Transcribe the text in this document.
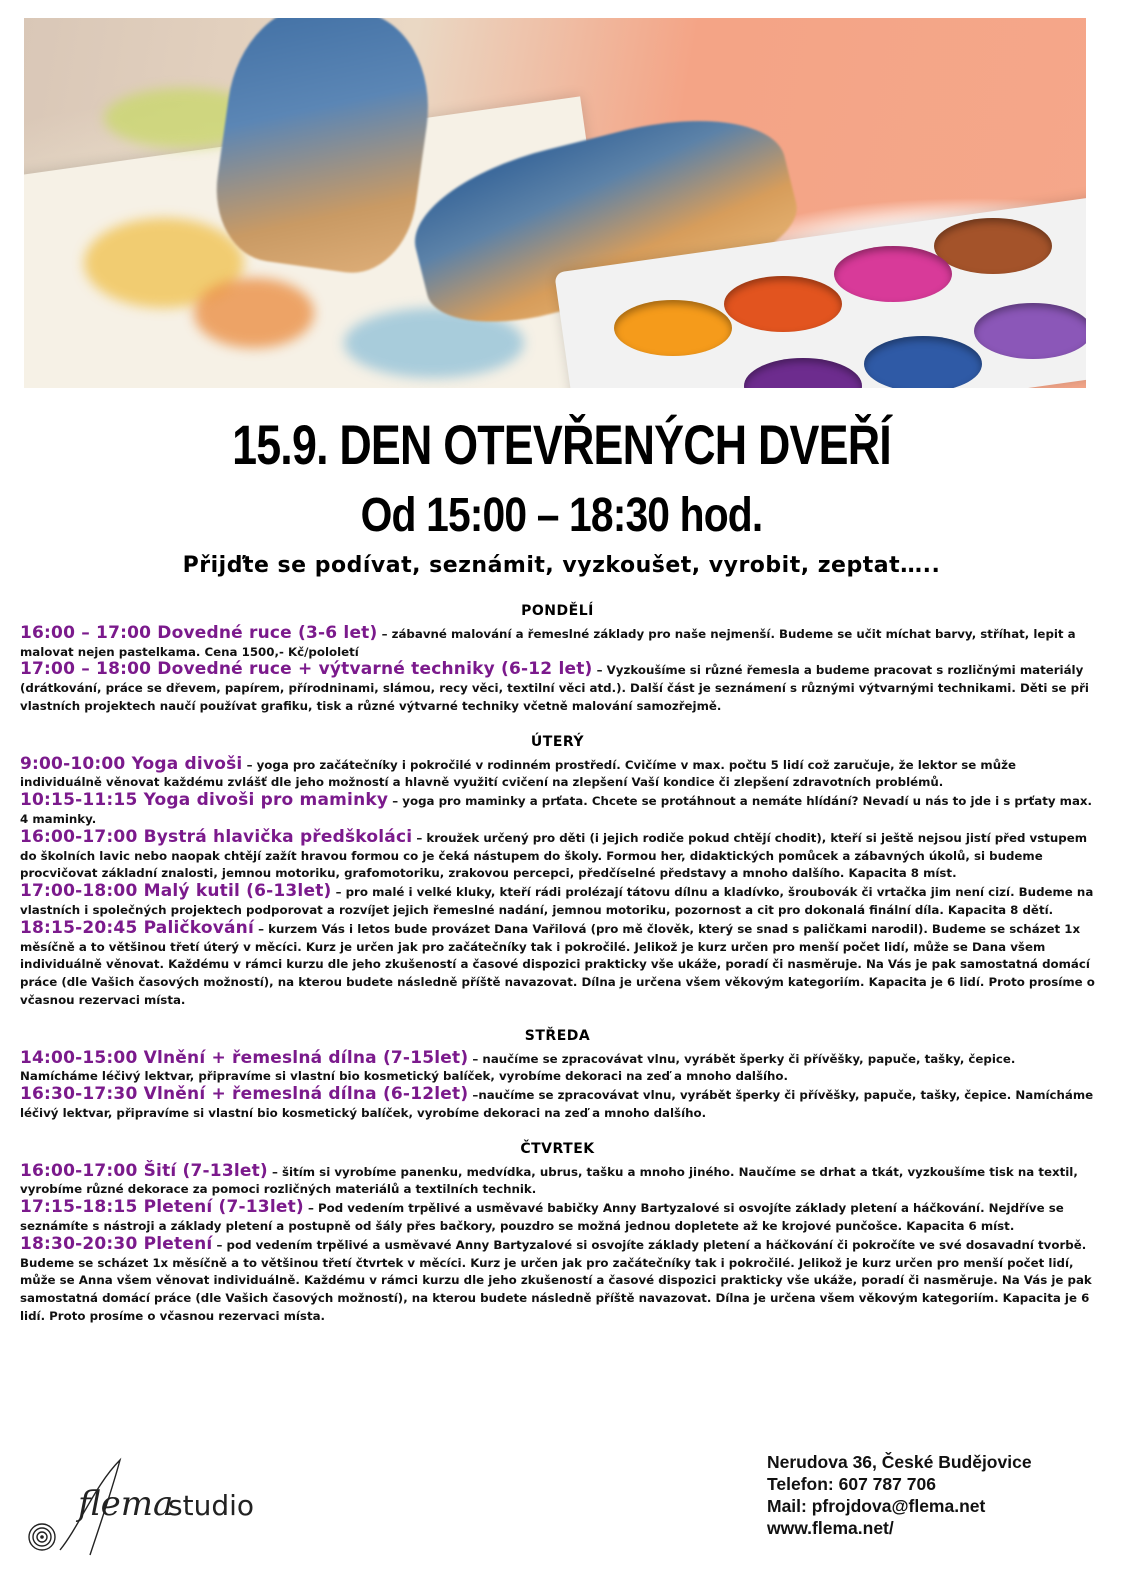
15.9. DEN OTEVŘENÝCH DVEŘÍ
Od 15:00 – 18:30 hod.
Přijďte se podívat, seznámit, vyzkoušet, vyrobit, zeptat…..
PONDĚLÍ

16:00 – 17:00 Dovedné ruce (3-6 let) – zábavné malování a řemeslné základy pro naše nejmenší. Budeme se učit míchat barvy, stříhat, lepit a malovat nejen pastelkama. Cena 1500,- Kč/pololetí

17:00 – 18:00 Dovedné ruce + výtvarné techniky (6-12 let) – Vyzkoušíme si různé řemesla a budeme pracovat s rozličnými materiály (drátkování, práce se dřevem, papírem, přírodninami, slámou, recy věci, textilní věci atd.). Další část je seznámení s různými výtvarnými technikami. Děti se při vlastních projektech naučí používat grafiku, tisk a různé výtvarné techniky včetně malování samozřejmě.

ÚTERÝ

9:00-10:00 Yoga divoši – yoga pro začátečníky i pokročilé v rodinném prostředí. Cvičíme v max. počtu 5 lidí což zaručuje, že lektor se může individuálně věnovat každému zvlášť dle jeho možností a hlavně využití cvičení na zlepšení Vaší kondice či zlepšení zdravotních problémů.

10:15-11:15 Yoga divoši pro maminky – yoga pro maminky a prťata. Chcete se protáhnout a nemáte hlídání? Nevadí u nás to jde i s prťaty max. 4 maminky.

16:00-17:00 Bystrá hlavička předškoláci – kroužek určený pro děti (i jejich rodiče pokud chtějí chodit), kteří si ještě nejsou jistí před vstupem do školních lavic nebo naopak chtějí zažít hravou formou co je čeká nástupem do školy. Formou her, didaktických pomůcek a zábavných úkolů, si budeme procvičovat základní znalosti, jemnou motoriku, grafomotoriku, zrakovou percepci, předčíselné představy a mnoho dalšího. Kapacita 8 míst.

17:00-18:00 Malý kutil (6-13let) – pro malé i velké kluky, kteří rádi prolézají tátovu dílnu a kladívko, šroubovák či vrtačka jim není cizí. Budeme na vlastních i společných projektech podporovat a rozvíjet jejich řemeslné nadání, jemnou motoriku, pozornost a cit pro dokonalá finální díla. Kapacita 8 dětí.

18:15-20:45 Paličkování – kurzem Vás i letos bude provázet Dana Vařilová (pro mě člověk, který se snad s paličkami narodil). Budeme se scházet 1x měsíčně a to většinou třetí úterý v měcíci. Kurz je určen jak pro začátečníky tak i pokročilé. Jelikož je kurz určen pro menší počet lidí, může se Dana všem individuálně věnovat. Každému v rámci kurzu dle jeho zkušeností a časové dispozici prakticky vše ukáže, poradí či nasměruje. Na Vás je pak samostatná domácí práce (dle Vašich časových možností), na kterou budete následně příště navazovat. Dílna je určena všem věkovým kategoriím. Kapacita je 6 lidí. Proto prosíme o včasnou rezervaci místa.

STŘEDA

14:00-15:00 Vlnění + řemeslná dílna (7-15let) – naučíme se zpracovávat vlnu, vyrábět šperky či přívěšky, papuče, tašky, čepice. Namícháme léčivý lektvar, připravíme si vlastní bio kosmetický balíček, vyrobíme dekoraci na zeď a mnoho dalšího.

16:30-17:30 Vlnění + řemeslná dílna (6-12let) –naučíme se zpracovávat vlnu, vyrábět šperky či přívěšky, papuče, tašky, čepice. Namícháme léčivý lektvar, připravíme si vlastní bio kosmetický balíček, vyrobíme dekoraci na zeď a mnoho dalšího.

ČTVRTEK

16:00-17:00 Šití (7-13let) – šitím si vyrobíme panenku, medvídka, ubrus, tašku a mnoho jiného. Naučíme se drhat a tkát, vyzkoušíme tisk na textil, vyrobíme různé dekorace za pomoci rozličných materiálů a textilních technik.

17:15-18:15 Pletení (7-13let) – Pod vedením trpělivé a usměvavé babičky Anny Bartyzalové si osvojíte základy pletení a háčkování. Nejdříve se seznámíte s nástroji a základy pletení a postupně od šály přes bačkory, pouzdro se možná jednou dopletete až ke krojové punčošce. Kapacita 6 míst.

18:30-20:30 Pletení – pod vedením trpělivé a usměvavé Anny Bartyzalové si osvojíte základy pletení a háčkování či pokročíte ve své dosavadní tvorbě. Budeme se scházet 1x měsíčně a to většinou třetí čtvrtek v měcíci. Kurz je určen jak pro začátečníky tak i pokročilé. Jelikož je kurz určen pro menší počet lidí, může se Anna všem věnovat individuálně. Každému v rámci kurzu dle jeho zkušeností a časové dispozici prakticky vše ukáže, poradí či nasměruje. Na Vás je pak samostatná domácí práce (dle Vašich časových možností), na kterou budete následně příště navazovat. Dílna je určena všem věkovým kategoriím. Kapacita je 6 lidí. Proto prosíme o včasnou rezervaci místa.

flema
studio
Nerudova 36, České Budějovice
Telefon: 607 787 706
Mail: pfrojdova@flema.net
www.flema.net/
